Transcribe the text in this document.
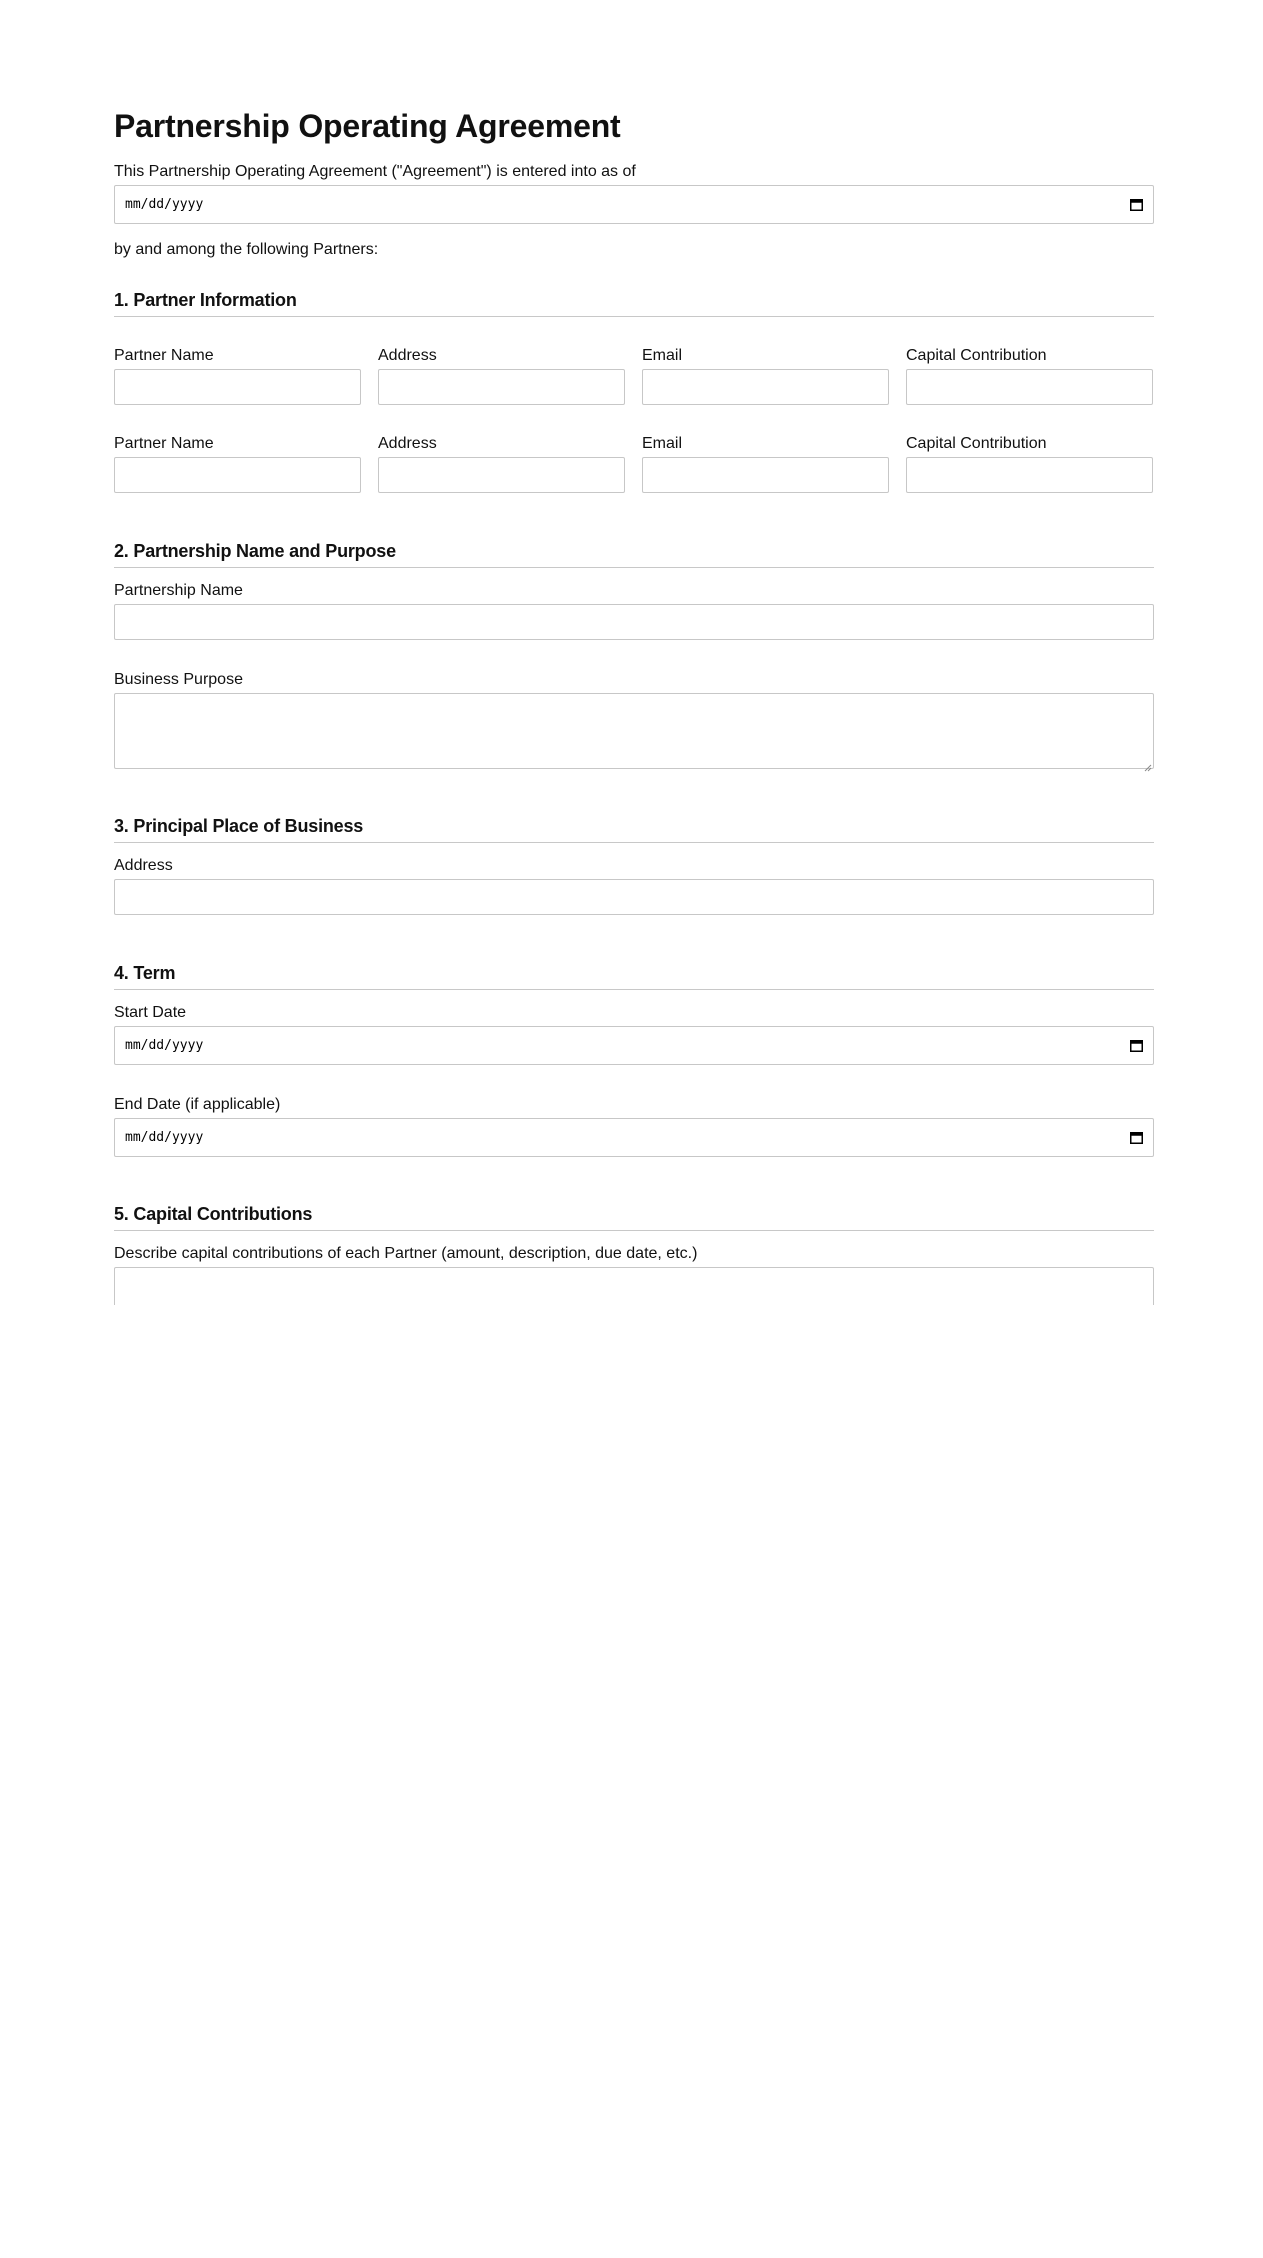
Partnership Operating Agreement
This Partnership Operating Agreement ("Agreement") is entered into as of
mm/dd/yyyy
by and among the following Partners:
1. Partner Information
Partner Name	Address	Email	Capital Contribution
Partner Name	Address	Email	Capital Contribution
2. Partnership Name and Purpose
Partnership Name
Business Purpose
3. Principal Place of Business
Address
4. Term
Start Date
mm/dd/yyyy
End Date (if applicable)
mm/dd/yyyy
5. Capital Contributions
Describe capital contributions of each Partner (amount, description, due date, etc.)
